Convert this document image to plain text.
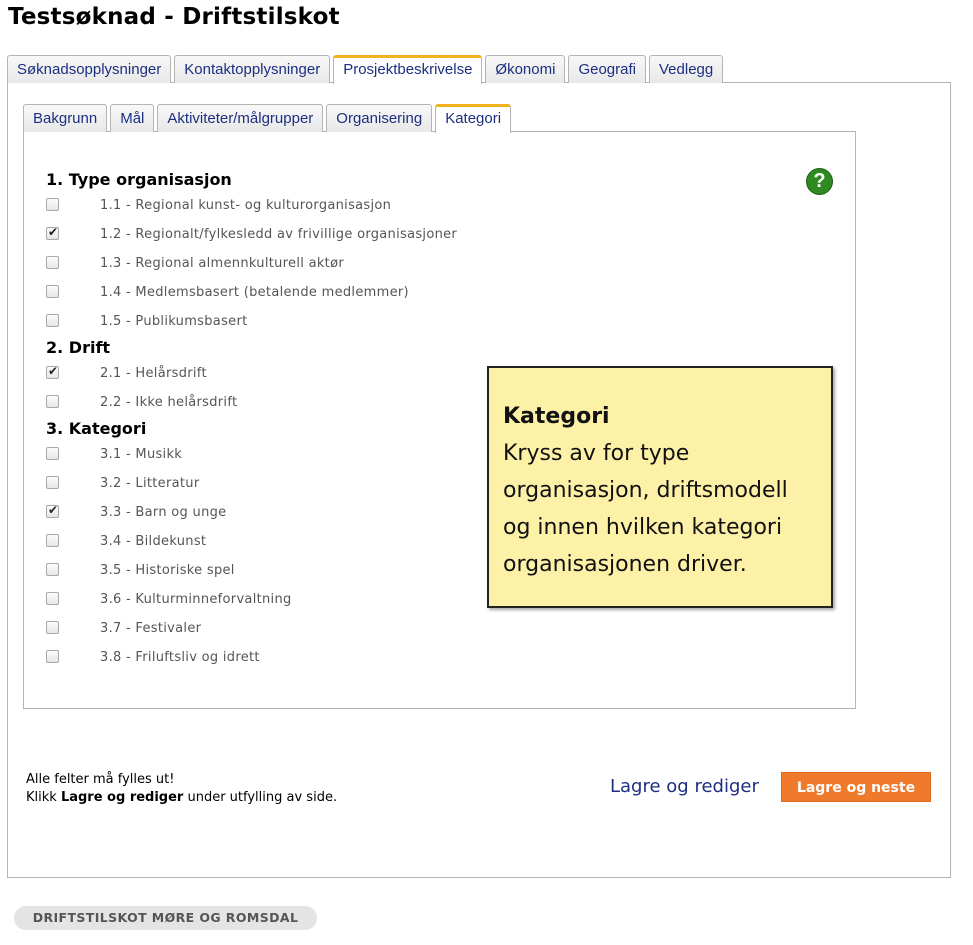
Testsøknad - Driftstilskot
Søknadsopplysninger	Kontaktopplysninger	Prosjektbeskrivelse	Økonomi	Geografi	Vedlegg
Bakgrunn	Mål	Aktiviteter/målgrupper	Organisering	Kategori
?
1. Type organisasjon
1.1 - Regional kunst- og kulturorganisasjon
✔	1.2 - Regionalt/fylkesledd av frivillige organisasjoner
1.3 - Regional almennkulturell aktør
1.4 - Medlemsbasert (betalende medlemmer)
1.5 - Publikumsbasert
2. Drift
✔	2.1 - Helårsdrift
2.2 - Ikke helårsdrift
3. Kategori
3.1 - Musikk
3.2 - Litteratur
✔	3.3 - Barn og unge
3.4 - Bildekunst
3.5 - Historiske spel
3.6 - Kulturminneforvaltning
3.7 - Festivaler
3.8 - Friluftsliv og idrett
Kategori
Kryss av for type
organisasjon, driftsmodell
og innen hvilken kategori
organisasjonen driver.
Alle felter må fylles ut!
Klikk Lagre og rediger under utfylling av side.
Lagre og rediger	Lagre og neste
DRIFTSTILSKOT MØRE OG ROMSDAL
